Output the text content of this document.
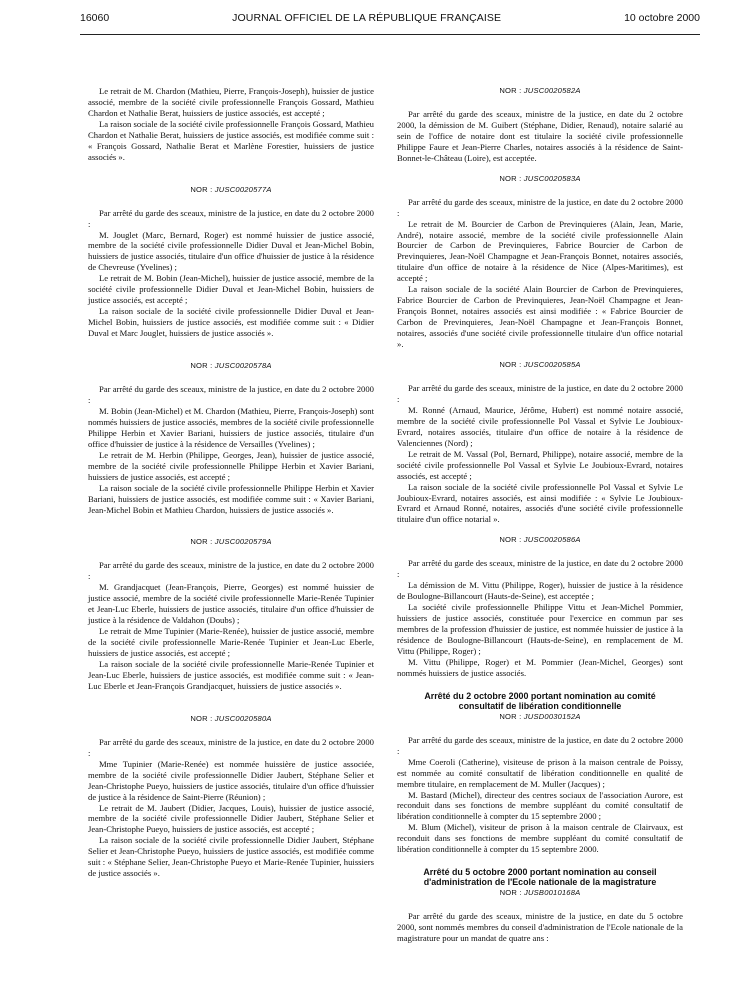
16060	JOURNAL OFFICIEL DE LA RÉPUBLIQUE FRANÇAISE	10 octobre 2000

Le retrait de M. Chardon (Mathieu, Pierre, François-Joseph), huissier de justice associé, membre de la société civile professionnelle François Gossard, Mathieu Chardon et Nathalie Berat, huissiers de justice associés, est accepté ;

La raison sociale de la société civile professionnelle François Gossard, Mathieu Chardon et Nathalie Berat, huissiers de justice associés, est modifiée comme suit : « François Gossard, Nathalie Berat et Marlène Forestier, huissiers de justice associés ».

NOR : JUSC0020577A

Par arrêté du garde des sceaux, ministre de la justice, en date du 2 octobre 2000 :

M. Jouglet (Marc, Bernard, Roger) est nommé huissier de justice associé, membre de la société civile professionnelle Didier Duval et Jean-Michel Bobin, huissiers de justice associés, titulaire d'un office d'huissier de justice à la résidence de Chevreuse (Yvelines) ;

Le retrait de M. Bobin (Jean-Michel), huissier de justice associé, membre de la société civile professionnelle Didier Duval et Jean-Michel Bobin, huissiers de justice associés, est accepté ;

La raison sociale de la société civile professionnelle Didier Duval et Jean-Michel Bobin, huissiers de justice associés, est modifiée comme suit : « Didier Duval et Marc Jouglet, huissiers de justice associés ».

NOR : JUSC0020578A

Par arrêté du garde des sceaux, ministre de la justice, en date du 2 octobre 2000 :

M. Bobin (Jean-Michel) et M. Chardon (Mathieu, Pierre, François-Joseph) sont nommés huissiers de justice associés, membres de la société civile professionnelle Philippe Herbin et Xavier Bariani, huissiers de justice associés, titulaire d'un office d'huissier de justice à la résidence de Versailles (Yvelines) ;

Le retrait de M. Herbin (Philippe, Georges, Jean), huissier de justice associé, membre de la société civile professionnelle Philippe Herbin et Xavier Bariani, huissiers de justice associés, est accepté ;

La raison sociale de la société civile professionnelle Philippe Herbin et Xavier Bariani, huissiers de justice associés, est modifiée comme suit : « Xavier Bariani, Jean-Michel Bobin et Mathieu Chardon, huissiers de justice associés ».

NOR : JUSC0020579A

Par arrêté du garde des sceaux, ministre de la justice, en date du 2 octobre 2000 :

M. Grandjacquet (Jean-François, Pierre, Georges) est nommé huissier de justice associé, membre de la société civile professionnelle Marie-Renée Tupinier et Jean-Luc Eberle, huissiers de justice associés, titulaire d'un office d'huissier de justice à la résidence de Valdahon (Doubs) ;

Le retrait de Mme Tupinier (Marie-Renée), huissier de justice associé, membre de la société civile professionnelle Marie-Renée Tupinier et Jean-Luc Eberle, huissiers de justice associés, est accepté ;

La raison sociale de la société civile professionnelle Marie-Renée Tupinier et Jean-Luc Eberle, huissiers de justice associés, est modifiée comme suit : « Jean-Luc Eberle et Jean-François Grandjacquet, huissiers de justice associés ».

NOR : JUSC0020580A

Par arrêté du garde des sceaux, ministre de la justice, en date du 2 octobre 2000 :

Mme Tupinier (Marie-Renée) est nommée huissière de justice associée, membre de la société civile professionnelle Didier Jaubert, Stéphane Selier et Jean-Christophe Pueyo, huissiers de justice associés, titulaire d'un office d'huissier de justice à la résidence de Saint-Pierre (Réunion) ;

Le retrait de M. Jaubert (Didier, Jacques, Louis), huissier de justice associé, membre de la société civile professionnelle Didier Jaubert, Stéphane Selier et Jean-Christophe Pueyo, huissiers de justice associés, est accepté ;

La raison sociale de la société civile professionnelle Didier Jaubert, Stéphane Selier et Jean-Christophe Pueyo, huissiers de justice associés, est modifiée comme suit : « Stéphane Selier, Jean-Christophe Pueyo et Marie-Renée Tupinier, huissiers de justice associés ».

NOR : JUSC0020582A

Par arrêté du garde des sceaux, ministre de la justice, en date du 2 octobre 2000, la démission de M. Guibert (Stéphane, Didier, Renaud), notaire salarié au sein de l'office de notaire dont est titulaire la société civile professionnelle Philippe Faure et Jean-Pierre Charles, notaires associés à la résidence de Saint-Bonnet-le-Château (Loire), est acceptée.

NOR : JUSC0020583A

Par arrêté du garde des sceaux, ministre de la justice, en date du 2 octobre 2000 :

Le retrait de M. Bourcier de Carbon de Previnquieres (Alain, Jean, Marie, André), notaire associé, membre de la société civile professionnelle Alain Bourcier de Carbon de Previnquieres, Fabrice Bourcier de Carbon de Previnquieres, Jean-Noël Champagne et Jean-François Bonnet, notaires associés, titulaire d'un office de notaire à la résidence de Nice (Alpes-Maritimes), est accepté ;

La raison sociale de la société Alain Bourcier de Carbon de Previnquieres, Fabrice Bourcier de Carbon de Previnquieres, Jean-Noël Champagne et Jean-François Bonnet, notaires associés est ainsi modifiée : « Fabrice Bourcier de Carbon de Previnquieres, Jean-Noël Champagne et Jean-François Bonnet, notaires, associés d'une société civile professionnelle titulaire d'un office notarial ».

NOR : JUSC0020585A

Par arrêté du garde des sceaux, ministre de la justice, en date du 2 octobre 2000 :

M. Ronné (Arnaud, Maurice, Jérôme, Hubert) est nommé notaire associé, membre de la société civile professionnelle Pol Vassal et Sylvie Le Joubioux-Evrard, notaires associés, titulaire d'un office de notaire à la résidence de Valenciennes (Nord) ;

Le retrait de M. Vassal (Pol, Bernard, Philippe), notaire associé, membre de la société civile professionnelle Pol Vassal et Sylvie Le Joubioux-Evrard, notaires associés, est accepté ;

La raison sociale de la société civile professionnelle Pol Vassal et Sylvie Le Joubioux-Evrard, notaires associés, est ainsi modifiée : « Sylvie Le Joubioux-Evrard et Arnaud Ronné, notaires, associés d'une société civile professionnelle titulaire d'un office notarial ».

NOR : JUSC0020586A

Par arrêté du garde des sceaux, ministre de la justice, en date du 2 octobre 2000 :

La démission de M. Vittu (Philippe, Roger), huissier de justice à la résidence de Boulogne-Billancourt (Hauts-de-Seine), est acceptée ;

La société civile professionnelle Philippe Vittu et Jean-Michel Pommier, huissiers de justice associés, constituée pour l'exercice en commun par ses membres de la profession d'huissier de justice, est nommée huissier de justice à la résidence de Boulogne-Billancourt (Hauts-de-Seine), en remplacement de M. Vittu (Philippe, Roger) ;

M. Vittu (Philippe, Roger) et M. Pommier (Jean-Michel, Georges) sont nommés huissiers de justice associés.

Arrêté du 2 octobre 2000 portant nomination au comité consultatif de libération conditionnelle
NOR : JUSD0030152A

Par arrêté du garde des sceaux, ministre de la justice, en date du 2 octobre 2000 :

Mme Coeroli (Catherine), visiteuse de prison à la maison centrale de Poissy, est nommée au comité consultatif de libération conditionnelle en qualité de membre titulaire, en remplacement de M. Muller (Jacques) ;

M. Bastard (Michel), directeur des centres sociaux de l'association Aurore, est reconduit dans ses fonctions de membre suppléant du comité consultatif de libération conditionnelle à compter du 15 septembre 2000 ;

M. Blum (Michel), visiteur de prison à la maison centrale de Clairvaux, est reconduit dans ses fonctions de membre suppléant du comité consultatif de libération conditionnelle à compter du 15 septembre 2000.

Arrêté du 5 octobre 2000 portant nomination au conseil d'administration de l'Ecole nationale de la magistrature
NOR : JUSB0010168A

Par arrêté du garde des sceaux, ministre de la justice, en date du 5 octobre 2000, sont nommés membres du conseil d'administration de l'Ecole nationale de la magistrature pour un mandat de quatre ans :
